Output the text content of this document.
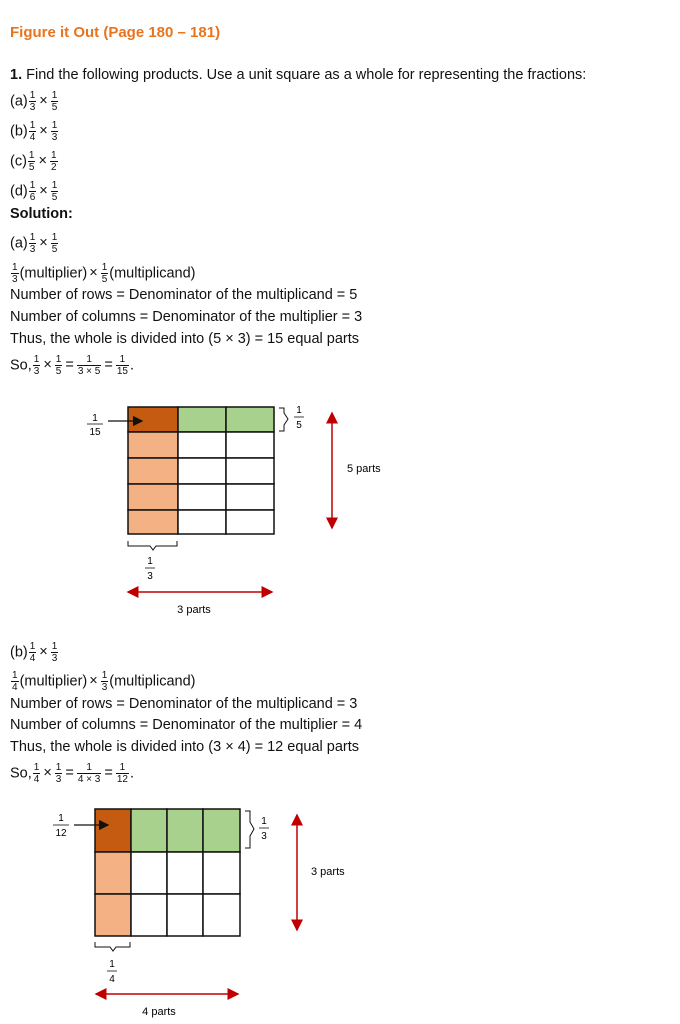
Figure it Out (Page 180 – 181)
1. Find the following products. Use a unit square as a whole for representing the fractions:
$(a) \frac{1}{3} \times \frac{1}{5}$
$(b) \frac{1}{4} \times \frac{1}{3}$
$(c) \frac{1}{5} \times \frac{1}{2}$
$(d) \frac{1}{6} \times \frac{1}{5}$
Solution:
$(a) \frac{1}{3} \times \frac{1}{5}$
$\frac{1}{3}$ (multiplier) × $\frac{1}{5}$ (multiplicand)
Number of rows = Denominator of the multiplicand = 5
Number of columns = Denominator of the multiplier = 3
Thus, the whole is divided into (5 × 3) = 15 equal parts
So, $\frac{1}{3} \times \frac{1}{5} = \frac{1}{3 \times 5} = \frac{1}{15}$ .
1
15
1
5
5 parts
1
3
3 parts
$(b) \frac{1}{4} \times \frac{1}{3}$
$\frac{1}{4}$ (multiplier) × $\frac{1}{3}$ (multiplicand)
Number of rows = Denominator of the multiplicand = 3
Number of columns = Denominator of the multiplier = 4
Thus, the whole is divided into (3 × 4) = 12 equal parts
So, $\frac{1}{4} \times \frac{1}{3} = \frac{1}{4 \times 3} = \frac{1}{12}$ .
1
12
1
3
3 parts
1
4
4 parts
